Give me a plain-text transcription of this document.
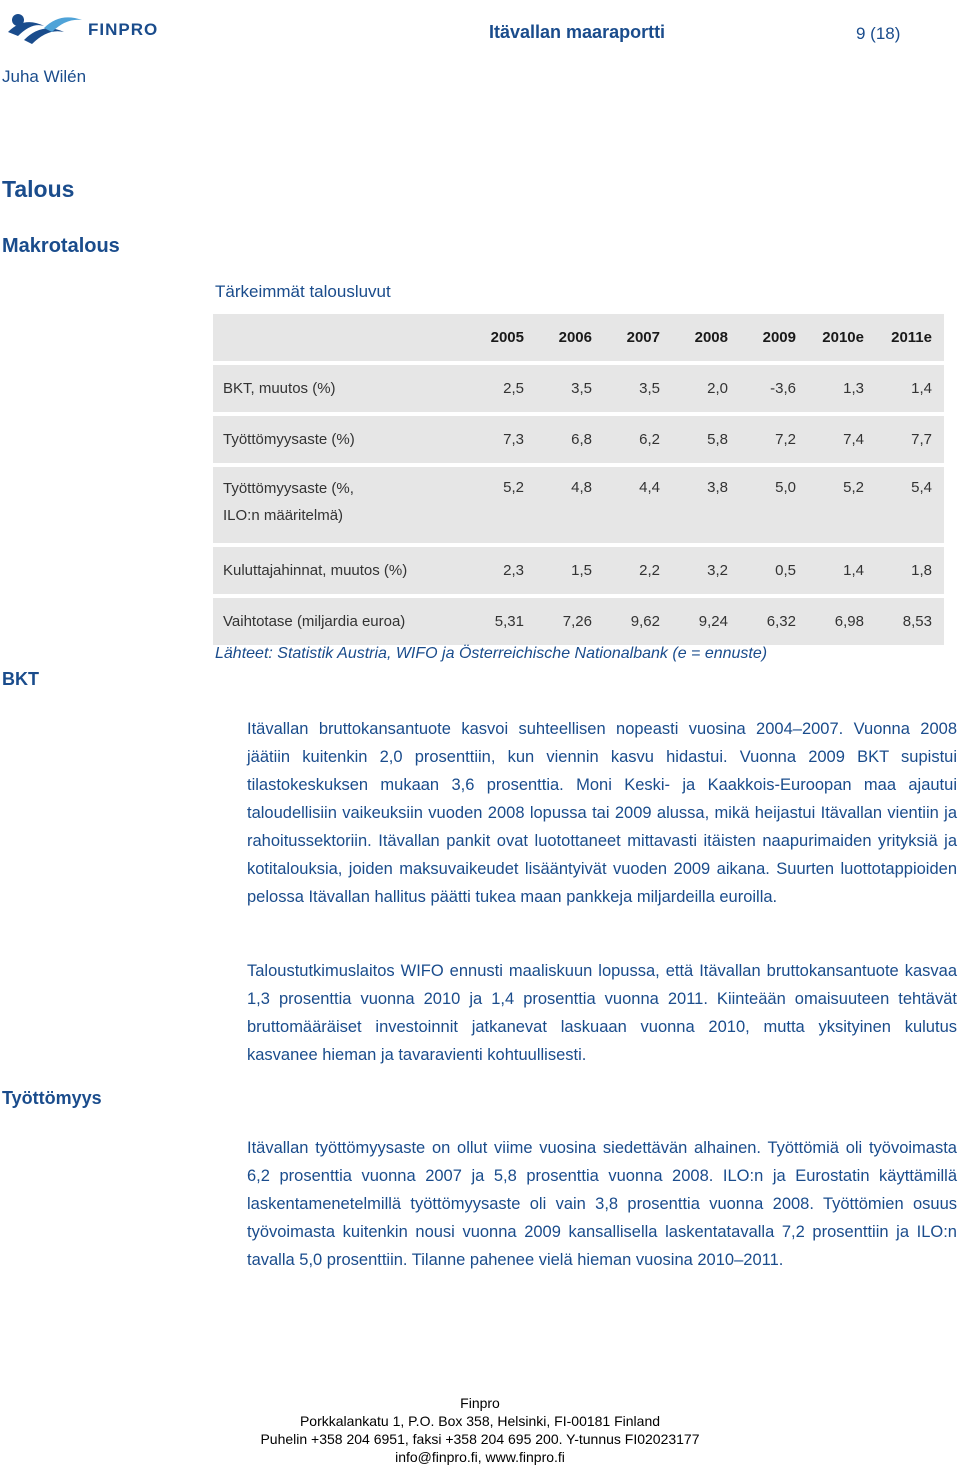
FINPRO	Itävallan maaraportti	9 (18)
Juha Wilén
Talous
Makrotalous
Tärkeimmät talousluvut
2005	2006	2007	2008	2009	2010e	2011e
BKT, muutos (%)	2,5	3,5	3,5	2,0	-3,6	1,3	1,4
Työttömyysaste (%)	7,3	6,8	6,2	5,8	7,2	7,4	7,7
Työttömyysaste (%,
ILO:n määritelmä)
5,2	4,8	4,4	3,8	5,0	5,2	5,4
Kuluttajahinnat, muutos (%)	2,3	1,5	2,2	3,2	0,5	1,4	1,8
Vaihtotase (miljardia euroa)	5,31	7,26	9,62	9,24	6,32	6,98	8,53
Lähteet: Statistik Austria, WIFO ja Österreichische Nationalbank (e = ennuste)
BKT
Työttömyys
Itävallan bruttokansantuote kasvoi suhteellisen nopeasti vuosina 2004–2007. Vuonna 2008 jäätiin kuitenkin 2,0 prosenttiin, kun viennin kasvu hidastui. Vuonna 2009 BKT supistui tilastokeskuksen mukaan 3,6 prosenttia. Moni Keski- ja Kaakkois-Euroopan maa ajautui taloudellisiin vaikeuksiin vuoden 2008 lopussa tai 2009 alussa, mikä heijastui Itävallan vientiin ja rahoitussektoriin. Itävallan pankit ovat luotottaneet mittavasti itäisten naapurimaiden yrityksiä ja kotitalouksia, joiden maksuvaikeudet lisääntyivät vuoden 2009 aikana. Suurten luottotappioiden pelossa Itävallan hallitus päätti tukea maan pankkeja miljardeilla euroilla.
Taloustutkimuslaitos WIFO ennusti maaliskuun lopussa, että Itävallan bruttokansantuote kasvaa 1,3 prosenttia vuonna 2010 ja 1,4 prosenttia vuonna 2011. Kiinteään omaisuuteen tehtävät bruttomääräiset investoinnit jatkanevat laskuaan vuonna 2010, mutta yksityinen kulutus kasvanee hieman ja tavaravienti kohtuullisesti.
Itävallan työttömyysaste on ollut viime vuosina siedettävän alhainen. Työttömiä oli työvoimasta 6,2 prosenttia vuonna 2007 ja 5,8 prosenttia vuonna 2008. ILO:n ja Eurostatin käyttämillä laskentamenetelmillä työttömyysaste oli vain 3,8 prosenttia vuonna 2008. Työttömien osuus työvoimasta kuitenkin nousi vuonna 2009 kansallisella laskentatavalla 7,2 prosenttiin ja ILO:n tavalla 5,0 prosenttiin. Tilanne pahenee vielä hieman vuosina 2010–2011.
Finpro
Porkkalankatu 1, P.O. Box 358, Helsinki, FI-00181 Finland
Puhelin +358 204 6951, faksi +358 204 695 200. Y-tunnus FI02023177
info@finpro.fi, www.finpro.fi
